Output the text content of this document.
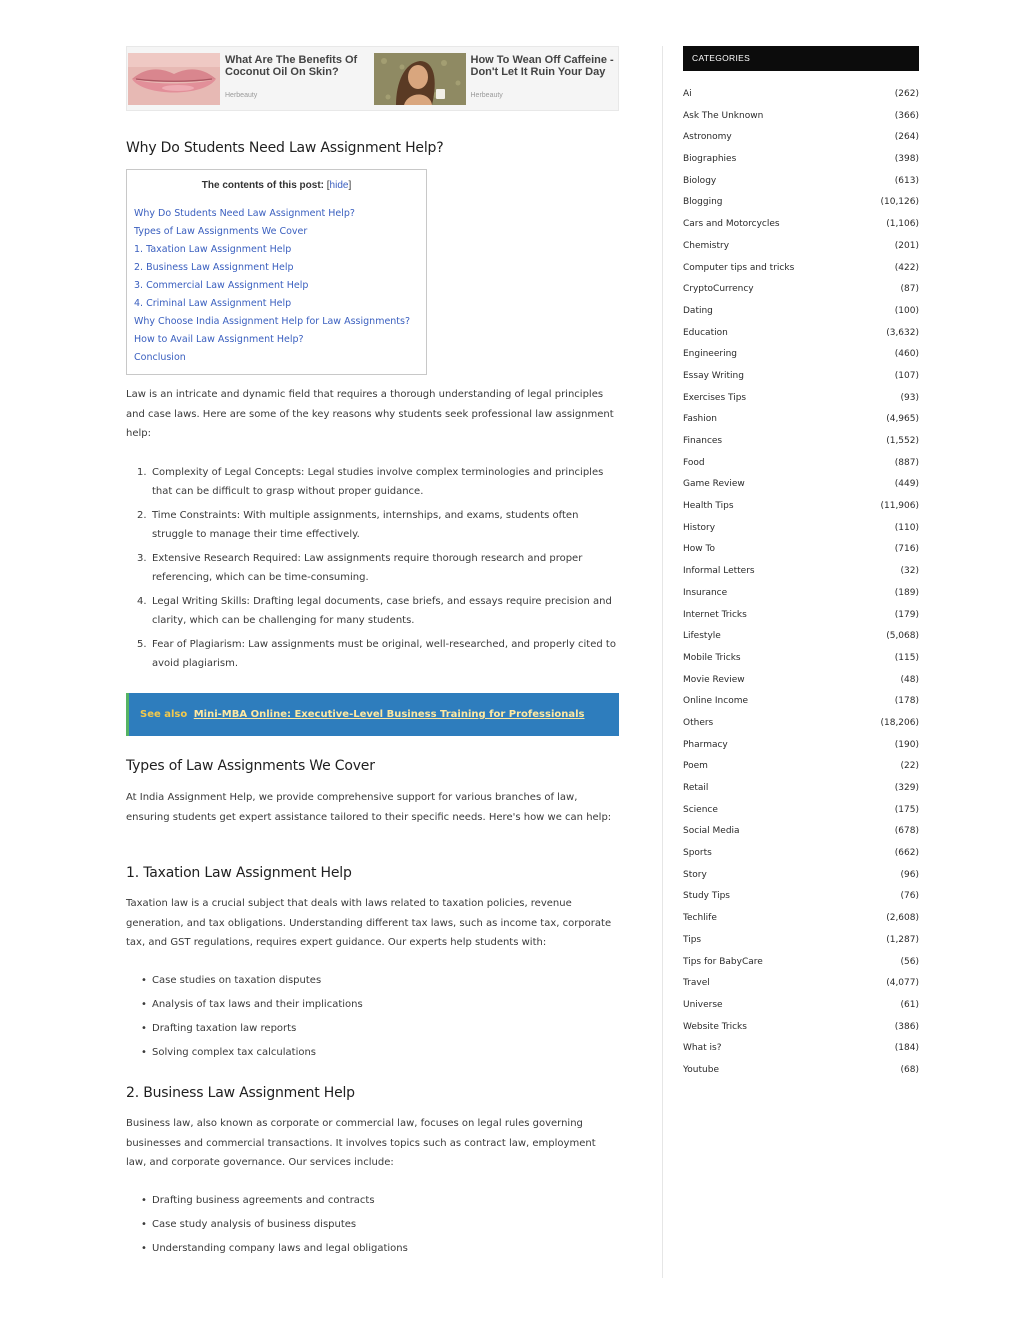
What Are The Benefits Of Coconut Oil On Skin?
Herbeauty
How To Wean Off Caffeine - Don't Let It Ruin Your Day
Herbeauty
Why Do Students Need Law Assignment Help?
The contents of this post: [hide]
Why Do Students Need Law Assignment Help?
Types of Law Assignments We Cover
1. Taxation Law Assignment Help
2. Business Law Assignment Help
3. Commercial Law Assignment Help
4. Criminal Law Assignment Help
Why Choose India Assignment Help for Law Assignments?
How to Avail Law Assignment Help?
Conclusion

Law is an intricate and dynamic field that requires a thorough understanding of legal principles and case laws. Here are some of the key reasons why students seek professional law assignment help:

1. Complexity of Legal Concepts: Legal studies involve complex terminologies and principles that can be difficult to grasp without proper guidance.
2. Time Constraints: With multiple assignments, internships, and exams, students often struggle to manage their time effectively.
3. Extensive Research Required: Law assignments require thorough research and proper referencing, which can be time-consuming.
4. Legal Writing Skills: Drafting legal documents, case briefs, and essays require precision and clarity, which can be challenging for many students.
5. Fear of Plagiarism: Law assignments must be original, well-researched, and properly cited to avoid plagiarism.
See also Mini-MBA Online: Executive-Level Business Training for Professionals
Types of Law Assignments We Cover

At India Assignment Help, we provide comprehensive support for various branches of law, ensuring students get expert assistance tailored to their specific needs. Here's how we can help:

1. Taxation Law Assignment Help

Taxation law is a crucial subject that deals with laws related to taxation policies, revenue generation, and tax obligations. Understanding different tax laws, such as income tax, corporate tax, and GST regulations, requires expert guidance. Our experts help students with:

• Case studies on taxation disputes
• Analysis of tax laws and their implications
• Drafting taxation law reports
• Solving complex tax calculations
2. Business Law Assignment Help

Business law, also known as corporate or commercial law, focuses on legal rules governing businesses and commercial transactions. It involves topics such as contract law, employment law, and corporate governance. Our services include:

• Drafting business agreements and contracts
• Case study analysis of business disputes
• Understanding company laws and legal obligations
CATEGORIES
Ai	(262)
Ask The Unknown	(366)
Astronomy	(264)
Biographies	(398)
Biology	(613)
Blogging	(10,126)
Cars and Motorcycles	(1,106)
Chemistry	(201)
Computer tips and tricks	(422)
CryptoCurrency	(87)
Dating	(100)
Education	(3,632)
Engineering	(460)
Essay Writing	(107)
Exercises Tips	(93)
Fashion	(4,965)
Finances	(1,552)
Food	(887)
Game Review	(449)
Health Tips	(11,906)
History	(110)
How To	(716)
Informal Letters	(32)
Insurance	(189)
Internet Tricks	(179)
Lifestyle	(5,068)
Mobile Tricks	(115)
Movie Review	(48)
Online Income	(178)
Others	(18,206)
Pharmacy	(190)
Poem	(22)
Retail	(329)
Science	(175)
Social Media	(678)
Sports	(662)
Story	(96)
Study Tips	(76)
Techlife	(2,608)
Tips	(1,287)
Tips for BabyCare	(56)
Travel	(4,077)
Universe	(61)
Website Tricks	(386)
What is?	(184)
Youtube	(68)
